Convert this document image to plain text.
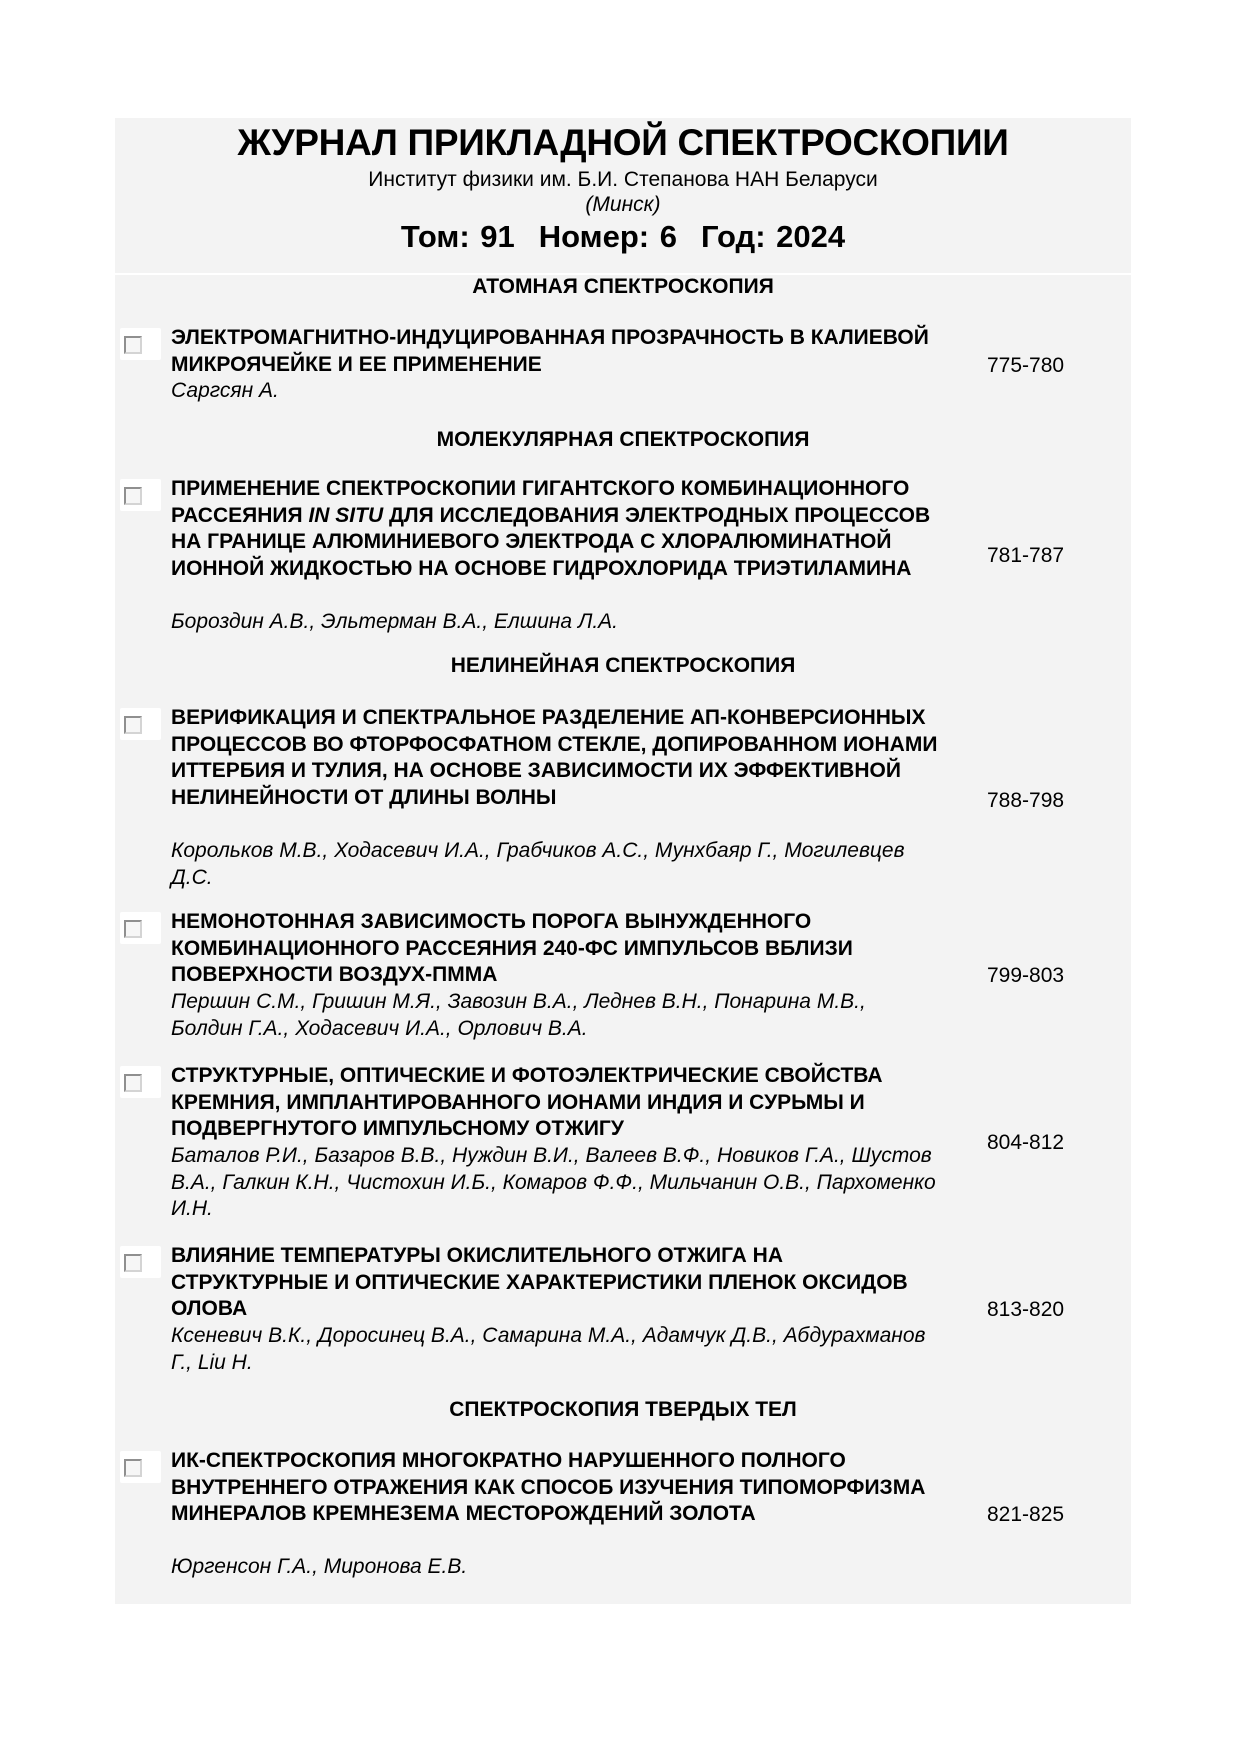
ЖУРНАЛ ПРИКЛАДНОЙ СПЕКТРОСКОПИИ
Институт физики им. Б.И. Степанова НАН Беларуси
(Минск)
Том: 91 Номер: 6 Год: 2024
АТОМНАЯ СПЕКТРОСКОПИЯ
ЭЛЕКТРОМАГНИТНО-ИНДУЦИРОВАННАЯ ПРОЗРАЧНОСТЬ В КАЛИЕВОЙ МИКРОЯЧЕЙКЕ И ЕЕ ПРИМЕНЕНИЕ
Саргсян А.
775-780
МОЛЕКУЛЯРНАЯ СПЕКТРОСКОПИЯ
ПРИМЕНЕНИЕ СПЕКТРОСКОПИИ ГИГАНТСКОГО КОМБИНАЦИОННОГО РАССЕЯНИЯ IN SITU ДЛЯ ИССЛЕДОВАНИЯ ЭЛЕКТРОДНЫХ ПРОЦЕССОВ НА ГРАНИЦЕ АЛЮМИНИЕВОГО ЭЛЕКТРОДА С ХЛОРАЛЮМИНАТНОЙ ИОННОЙ ЖИДКОСТЬЮ НА ОСНОВЕ ГИДРОХЛОРИДА ТРИЭТИЛАМИНА
Бороздин А.В., Эльтерман В.А., Елшина Л.А.
781-787
НЕЛИНЕЙНАЯ СПЕКТРОСКОПИЯ
ВЕРИФИКАЦИЯ И СПЕКТРАЛЬНОЕ РАЗДЕЛЕНИЕ АП-КОНВЕРСИОННЫХ ПРОЦЕССОВ ВО ФТОРФОСФАТНОМ СТЕКЛЕ, ДОПИРОВАННОМ ИОНАМИ ИТТЕРБИЯ И ТУЛИЯ, НА ОСНОВЕ ЗАВИСИМОСТИ ИХ ЭФФЕКТИВНОЙ НЕЛИНЕЙНОСТИ ОТ ДЛИНЫ ВОЛНЫ
Корольков М.В., Ходасевич И.А., Грабчиков А.С., Мунхбаяр Г., Могилевцев Д.С.
788-798
НЕМОНОТОННАЯ ЗАВИСИМОСТЬ ПОРОГА ВЫНУЖДЕННОГО КОМБИНАЦИОННОГО РАССЕЯНИЯ 240-ФС ИМПУЛЬСОВ ВБЛИЗИ ПОВЕРХНОСТИ ВОЗДУХ-ПММА
Першин С.М., Гришин М.Я., Завозин В.А., Леднев В.Н., Понарина М.В., Болдин Г.А., Ходасевич И.А., Орлович В.А.
799-803
СТРУКТУРНЫЕ, ОПТИЧЕСКИЕ И ФОТОЭЛЕКТРИЧЕСКИЕ СВОЙСТВА КРЕМНИЯ, ИМПЛАНТИРОВАННОГО ИОНАМИ ИНДИЯ И СУРЬМЫ И ПОДВЕРГНУТОГО ИМПУЛЬСНОМУ ОТЖИГУ
Баталов Р.И., Базаров В.В., Нуждин В.И., Валеев В.Ф., Новиков Г.А., Шустов В.А., Галкин К.Н., Чистохин И.Б., Комаров Ф.Ф., Мильчанин О.В., Пархоменко И.Н.
804-812
ВЛИЯНИЕ ТЕМПЕРАТУРЫ ОКИСЛИТЕЛЬНОГО ОТЖИГА НА СТРУКТУРНЫЕ И ОПТИЧЕСКИЕ ХАРАКТЕРИСТИКИ ПЛЕНОК ОКСИДОВ ОЛОВА
Ксеневич В.К., Доросинец В.А., Самарина М.А., Адамчук Д.В., Абдурахманов Г., Liu H.
813-820
СПЕКТРОСКОПИЯ ТВЕРДЫХ ТЕЛ
ИК-СПЕКТРОСКОПИЯ МНОГОКРАТНО НАРУШЕННОГО ПОЛНОГО ВНУТРЕННЕГО ОТРАЖЕНИЯ КАК СПОСОБ ИЗУЧЕНИЯ ТИПОМОРФИЗМА МИНЕРАЛОВ КРЕМНЕЗЕМА МЕСТОРОЖДЕНИЙ ЗОЛОТА
Юргенсон Г.А., Миронова Е.В.
821-825
